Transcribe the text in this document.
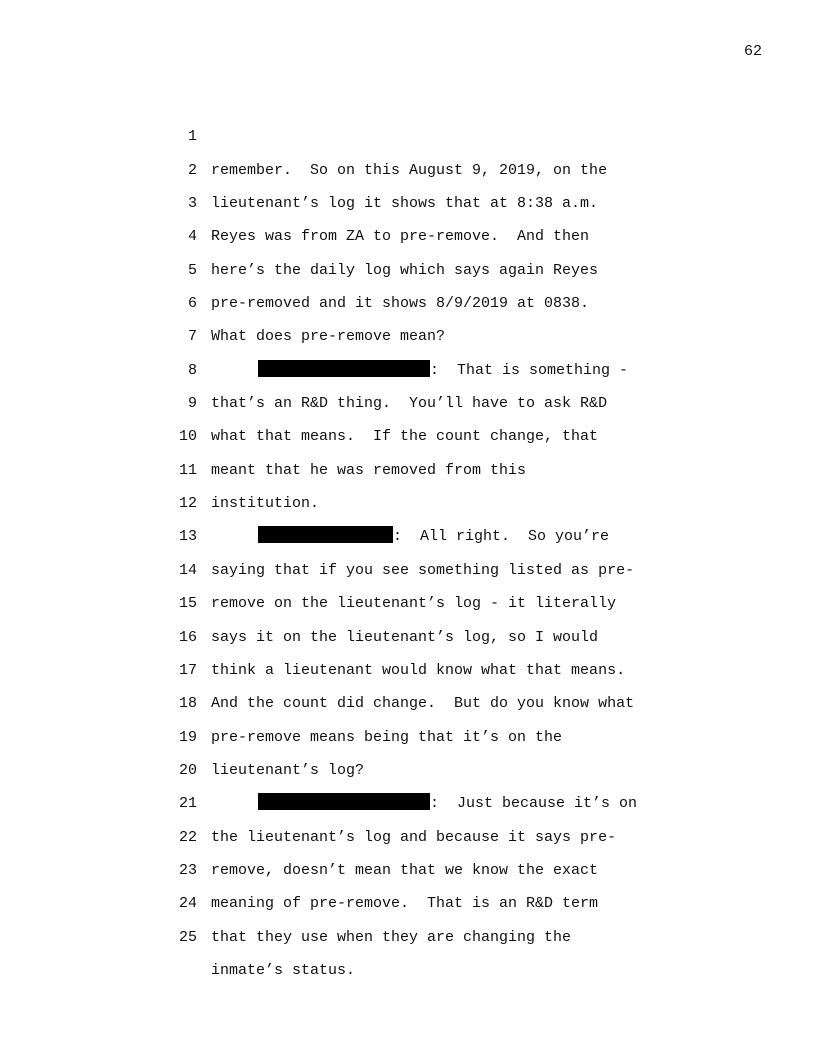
62

1

remember.  So on this August 9, 2019, on the

2

lieutenant’s log it shows that at 8:38 a.m.

3

Reyes was from ZA to pre-remove.  And then

4

here’s the daily log which says again Reyes

5

pre-removed and it shows 8/9/2019 at 0838.

6

What does pre-remove mean?

7

:  That is something -

8

that’s an R&D thing.  You’ll have to ask R&D

9

what that means.  If the count change, that

10

meant that he was removed from this

11

institution.

12

:  All right.  So you’re

13

saying that if you see something listed as pre-

14

remove on the lieutenant’s log - it literally

15

says it on the lieutenant’s log, so I would

16

think a lieutenant would know what that means.

17

And the count did change.  But do you know what

18

pre-remove means being that it’s on the

19

lieutenant’s log?

20

:  Just because it’s on

21

the lieutenant’s log and because it says pre-

22

remove, doesn’t mean that we know the exact

23

meaning of pre-remove.  That is an R&D term

24

that they use when they are changing the

25

inmate’s status.
